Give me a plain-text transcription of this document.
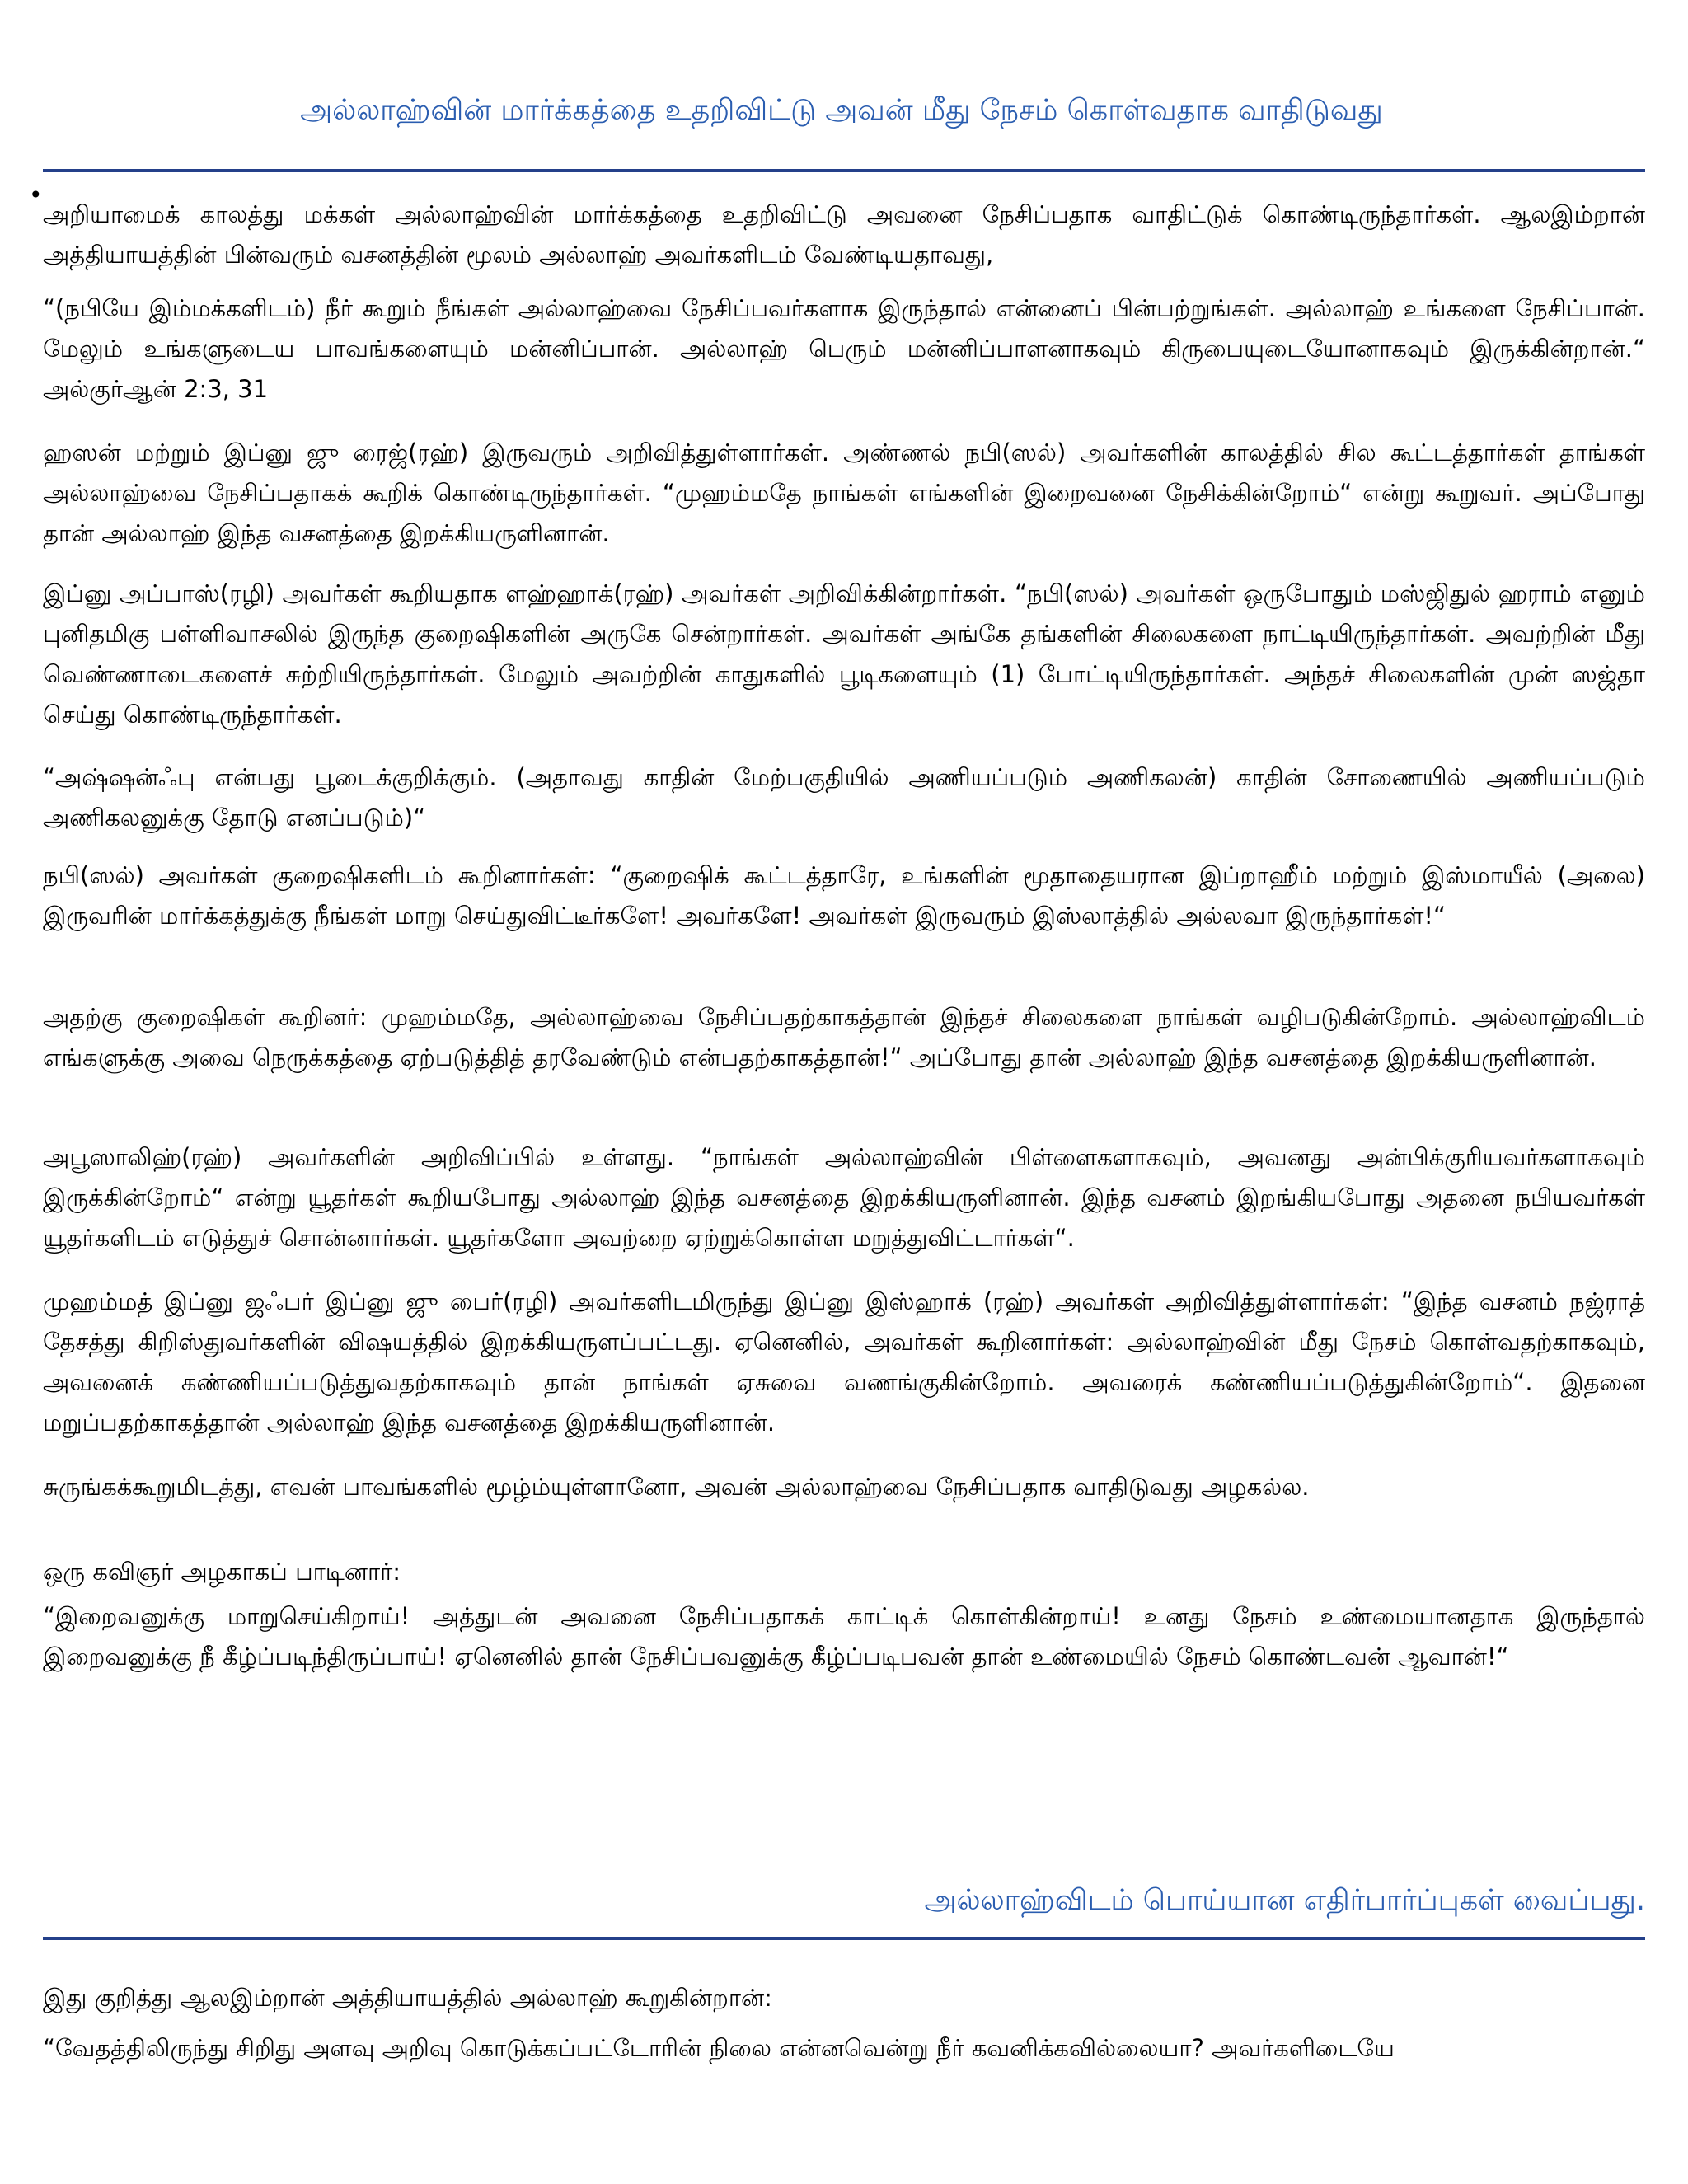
அல்லாஹ்வின் மார்க்கத்தை உதறிவிட்டு அவன் மீது நேசம் கொள்வதாக வாதிடுவது
•

அறியாமைக் காலத்து மக்கள் அல்லாஹ்வின் மார்க்கத்தை உதறிவிட்டு அவனை நேசிப்பதாக வாதிட்டுக் கொண்டிருந்தார்கள். ஆலஇம்றான் அத்தியாயத்தின் பின்வரும் வசனத்தின் மூலம் அல்லாஹ் அவர்களிடம் வேண்டியதாவது,

“(நபியே இம்மக்களிடம்) நீர் கூறும் நீங்கள் அல்லாஹ்வை நேசிப்பவர்களாக இருந்தால் என்னைப் பின்பற்றுங்கள். அல்லாஹ் உங்களை நேசிப்பான். மேலும் உங்களுடைய பாவங்களையும் மன்னிப்பான். அல்லாஹ் பெரும் மன்னிப்பாளனாகவும் கிருபையுடையோனாகவும் இருக்கின்றான்.“ அல்குர்ஆன் 2:3, 31

ஹஸன் மற்றும் இப்னு ஜு ரைஜ்(ரஹ்) இருவரும் அறிவித்துள்ளார்கள். அண்ணல் நபி(ஸல்) அவர்களின் காலத்தில் சில கூட்டத்தார்கள் தாங்கள் அல்லாஹ்வை நேசிப்பதாகக் கூறிக் கொண்டிருந்தார்கள். “முஹம்மதே நாங்கள் எங்களின் இறைவனை நேசிக்கின்றோம்“ என்று கூறுவர். அப்போது தான் அல்லாஹ் இந்த வசனத்தை இறக்கியருளினான்.

இப்னு அப்பாஸ்(ரழி) அவர்கள் கூறியதாக ளஹ்ஹாக்(ரஹ்) அவர்கள் அறிவிக்கின்றார்கள். “நபி(ஸல்) அவர்கள் ஒருபோதும் மஸ்ஜிதுல் ஹராம் எனும் புனிதமிகு பள்ளிவாசலில் இருந்த குறைஷிகளின் அருகே சென்றார்கள். அவர்கள் அங்கே தங்களின் சிலைகளை நாட்டியிருந்தார்கள். அவற்றின் மீது வெண்ணாடைகளைச் சுற்றியிருந்தார்கள். மேலும் அவற்றின் காதுகளில் பூடிகளையும் (1) போட்டியிருந்தார்கள். அந்தச் சிலைகளின் முன் ஸஜ்தா செய்து கொண்டிருந்தார்கள்.

“அஷ்ஷன்ஃபு என்பது பூடைக்குறிக்கும். (அதாவது காதின் மேற்பகுதியில் அணியப்படும் அணிகலன்) காதின் சோணையில் அணியப்படும் அணிகலனுக்கு தோடு எனப்படும்)“

நபி(ஸல்) அவர்கள் குறைஷிகளிடம் கூறினார்கள்: “குறைஷிக் கூட்டத்தாரே, உங்களின் மூதாதையரான இப்றாஹீம் மற்றும் இஸ்மாயீல் (அலை) இருவரின் மார்க்கத்துக்கு நீங்கள் மாறு செய்துவிட்டீர்களே! அவர்களே! அவர்கள் இருவரும் இஸ்லாத்தில் அல்லவா இருந்தார்கள்!“

அதற்கு குறைஷிகள் கூறினர்: முஹம்மதே, அல்லாஹ்வை நேசிப்பதற்காகத்தான் இந்தச் சிலைகளை நாங்கள் வழிபடுகின்றோம். அல்லாஹ்விடம் எங்களுக்கு அவை நெருக்கத்தை ஏற்படுத்தித் தரவேண்டும் என்பதற்காகத்தான்!“ அப்போது தான் அல்லாஹ் இந்த வசனத்தை இறக்கியருளினான்.

அபூஸாலிஹ்(ரஹ்) அவர்களின் அறிவிப்பில் உள்ளது. “நாங்கள் அல்லாஹ்வின் பிள்ளைகளாகவும், அவனது அன்பிக்குரியவர்களாகவும் இருக்கின்றோம்“ என்று யூதர்கள் கூறியபோது அல்லாஹ் இந்த வசனத்தை இறக்கியருளினான். இந்த வசனம் இறங்கியபோது அதனை நபியவர்கள் யூதர்களிடம் எடுத்துச் சொன்னார்கள். யூதர்களோ அவற்றை ஏற்றுக்கொள்ள மறுத்துவிட்டார்கள்“.

முஹம்மத் இப்னு ஜஃபர் இப்னு ஜு பைர்(ரழி) அவர்களிடமிருந்து இப்னு இஸ்ஹாக் (ரஹ்) அவர்கள் அறிவித்துள்ளார்கள்: “இந்த வசனம் நஜ்ராத் தேசத்து கிறிஸ்துவர்களின் விஷயத்தில் இறக்கியருளப்பட்டது. ஏனெனில், அவர்கள் கூறினார்கள்: அல்லாஹ்வின் மீது நேசம் கொள்வதற்காகவும், அவனைக் கண்ணியப்படுத்துவதற்காகவும் தான் நாங்கள் ஏசுவை வணங்குகின்றோம். அவரைக் கண்ணியப்படுத்துகின்றோம்“. இதனை மறுப்பதற்காகத்தான் அல்லாஹ் இந்த வசனத்தை இறக்கியருளினான்.

சுருங்கக்கூறுமிடத்து, எவன் பாவங்களில் மூழ்ம்யுள்ளானோ, அவன் அல்லாஹ்வை நேசிப்பதாக வாதிடுவது அழகல்ல.

ஒரு கவிஞர் அழகாகப் பாடினார்:

“இறைவனுக்கு மாறுசெய்கிறாய்! அத்துடன் அவனை நேசிப்பதாகக் காட்டிக் கொள்கின்றாய்! உனது நேசம் உண்மையானதாக இருந்தால் இறைவனுக்கு நீ கீழ்ப்படிந்திருப்பாய்! ஏனெனில் தான் நேசிப்பவனுக்கு கீழ்ப்படிபவன் தான் உண்மையில் நேசம் கொண்டவன் ஆவான்!“

அல்லாஹ்விடம் பொய்யான எதிர்பார்ப்புகள் வைப்பது.

இது குறித்து ஆலஇம்றான் அத்தியாயத்தில் அல்லாஹ் கூறுகின்றான்:

“வேதத்திலிருந்து சிறிது அளவு அறிவு கொடுக்கப்பட்டோரின் நிலை என்னவென்று நீர் கவனிக்கவில்லையா? அவர்களிடையே
